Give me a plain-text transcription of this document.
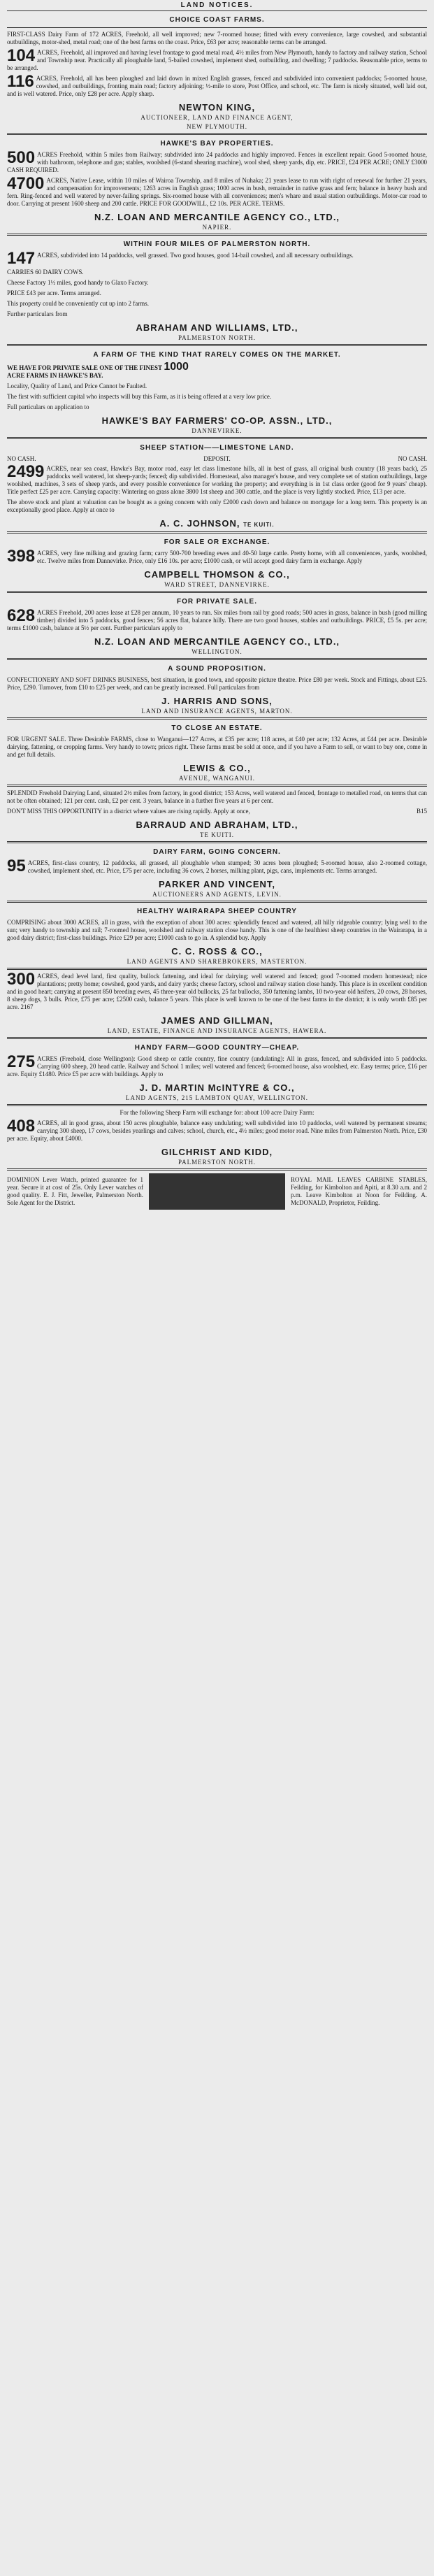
LAND NOTICES.
CHOICE COAST FARMS.
FIRST-CLASS Dairy Farm of 172 ACRES, Freehold, all well improved; new 7-roomed house; fitted with every convenience, large cowshed, and substantial outbuildings, motor-shed, metal road; one of the best farms on the coast. Price, £63 per acre; reasonable terms can be arranged.
104 ACRES, Freehold, all improved and having level frontage to good metal road, 4½ miles from New Plymouth, handy to factory and railway station, School and Township near. Practically all ploughable land, 5-bailed cowshed, implement shed, outbuilding, and dwelling; 7 paddocks. Reasonable price, terms to be arranged.
116 ACRES, Freehold, all has been ploughed and laid down in mixed English grasses, fenced and subdivided into convenient paddocks; 5-roomed house, cowshed, and outbuildings, fronting main road; factory adjoining; ½-mile to store, Post Office, and school, etc. The farm is nicely situated, well laid out, and is well watered. Price, only £28 per acre. Apply sharp.
NEWTON KING,
AUCTIONEER, LAND AND FINANCE AGENT,
NEW PLYMOUTH.
HAWKE'S BAY PROPERTIES.
500 ACRES Freehold, within 5 miles from Railway; subdivided into 24 paddocks and highly improved. Fences in excellent repair. Good 5-roomed house, with bathroom, telephone and gas; stables, woolshed (6-stand shearing machine), wool shed, sheep yards, dip, etc. PRICE, £24 PER ACRE; ONLY £3000 CASH REQUIRED.
4700 ACRES, Native Lease, within 10 miles of Wairoa Township, and 8 miles of Nuhaka; 21 years lease to run with right of renewal for further 21 years, and compensation for improvements; 1263 acres in English grass; 1000 acres in bush, remainder in native grass and fern; balance in heavy bush and fern. Ring-fenced and well watered by never-failing springs. Six-roomed house with all conveniences; men's whare and usual station outbuildings. Motor-car road to door. Carrying at present 1600 sheep and 200 cattle. PRICE FOR GOODWILL, £2 10s. PER ACRE. TERMS.
N.Z. LOAN AND MERCANTILE AGENCY CO., LTD.,
NAPIER.
WITHIN FOUR MILES OF PALMERSTON NORTH.
147 ACRES, subdivided into 14 paddocks, well grassed. Two good houses, good 14-bail cowshed, and all necessary outbuildings.
CARRIES 60 DAIRY COWS.
Cheese Factory 1½ miles, good handy to Glaxo Factory.
PRICE £43 per acre. Terms arranged.
This property could be conveniently cut up into 2 farms.
Further particulars from
ABRAHAM AND WILLIAMS, LTD.,
PALMERSTON NORTH.
A FARM OF THE KIND THAT RARELY COMES ON THE MARKET.
WE HAVE FOR PRIVATE SALE ONE OF THE FINEST 1000
ACRE FARMS IN HAWKE'S BAY.
Locality, Quality of Land, and Price Cannot be Faulted.
The first with sufficient capital who inspects will buy this Farm, as it is being offered at a very low price.
Full particulars on application to
HAWKE'S BAY FARMERS' CO-OP. ASSN., LTD.,
DANNEVIRKE.
SHEEP STATION——LIMESTONE LAND.
NO CASH.	DEPOSIT.	NO CASH.
2499 ACRES, near sea coast, Hawke's Bay, motor road, easy let class limestone hills, all in best of grass, all original bush country (18 years back), 25 paddocks well watered, lot sheep-yards; fenced; dip subdivided. Homestead, also manager's house, and very complete set of station outbuildings, large woolshed, machines, 3 sets of sheep yards, and every possible convenience for working the property; and everything is in 1st class order (good for 9 years' cheap). Title perfect £25 per acre. Carrying capacity: Wintering on grass alone 3800 1st sheep and 300 cattle, and the place is very lightly stocked. Price, £13 per acre.
The above stock and plant at valuation can be bought as a going concern with only £2000 cash down and balance on mortgage for a long term. This property is an exceptionally good place. Apply at once to
A. C. JOHNSON, TE KUITI.
FOR SALE OR EXCHANGE.
398 ACRES, very fine milking and grazing farm; carry 500-700 breeding ewes and 40-50 large cattle. Pretty home, with all conveniences, yards, woolshed, etc. Twelve miles from Dannevirke. Price, only £16 10s. per acre; £1000 cash, or will accept good dairy farm in exchange. Apply
CAMPBELL THOMSON & CO.,
WARD STREET, DANNEVIRKE.
FOR PRIVATE SALE.
628 ACRES Freehold, 200 acres lease at £28 per annum, 10 years to run. Six miles from rail by good roads; 500 acres in grass, balance in bush (good milling timber) divided into 5 paddocks, good fences; 56 acres flat, balance hilly. There are two good houses, stables and outbuildings. PRICE, £5 5s. per acre; terms £1000 cash, balance at 5½ per cent. Further particulars apply to
N.Z. LOAN AND MERCANTILE AGENCY CO., LTD.,
WELLINGTON.
A SOUND PROPOSITION.
CONFECTIONERY AND SOFT DRINKS BUSINESS, best situation, in good town, and opposite picture theatre. Price £80 per week. Stock and Fittings, about £25. Price, £290. Turnover, from £10 to £25 per week, and can be greatly increased. Full particulars from
J. HARRIS AND SONS,
LAND AND INSURANCE AGENTS, MARTON.
TO CLOSE AN ESTATE.
FOR URGENT SALE. Three Desirable FARMS, close to Wanganui—127 Acres, at £35 per acre; 118 acres, at £40 per acre; 132 Acres, at £44 per acre. Desirable dairying, fattening, or cropping farms. Very handy to town; prices right. These farms must be sold at once, and if you have a Farm to sell, or want to buy one, come in and get full details.
LEWIS & CO.,
AVENUE, WANGANUI.
SPLENDID Freehold Dairying Land, situated 2½ miles from factory, in good district; 153 Acres, well watered and fenced, frontage to metalled road, on terms that can not be often obtained; 121 per cent. cash, £2 per cent. 3 years, balance in a further five years at 6 per cent.
DON'T MISS THIS OPPORTUNITY in a district where values are rising rapidly. Apply at once,	B15
BARRAUD AND ABRAHAM, LTD.,
TE KUITI.
DAIRY FARM, GOING CONCERN.
95 ACRES, first-class country, 12 paddocks, all grassed, all ploughable when stumped; 30 acres been ploughed; 5-roomed house, also 2-roomed cottage, cowshed, implement shed, etc. Price, £75 per acre, including 36 cows, 2 horses, milking plant, pigs, cans, implements etc. Terms arranged.
PARKER AND VINCENT,
AUCTIONEERS AND AGENTS, LEVIN.
HEALTHY WAIRARAPA SHEEP COUNTRY
COMPRISING about 3000 ACRES, all in grass, with the exception of about 300 acres: splendidly fenced and watered, all hilly ridgeable country; lying well to the sun; very handy to township and rail; 7-roomed house, woolshed and railway station close handy. This is one of the healthiest sheep countries in the Wairarapa, in a good dairy district; first-class buildings. Price £29 per acre; £1000 cash to go in. A splendid buy. Apply
C. C. ROSS & CO.,
LAND AGENTS AND SHAREBROKERS, MASTERTON.
300 ACRES, dead level land, first quality, bullock fattening, and ideal for dairying; well watered and fenced; good 7-roomed modern homestead; nice plantations; pretty home; cowshed, good yards, and dairy yards; cheese factory, school and railway station close handy. This place is in excellent condition and in good heart; carrying at present 850 breeding ewes, 45 three-year old bullocks, 25 fat bullocks, 350 fattening lambs, 10 two-year old heifers, 20 cows, 28 horses, 8 sheep dogs, 3 bulls. Price, £75 per acre; £2500 cash, balance 5 years. This place is well known to be one of the best farms in the district; it is only worth £85 per acre. 2167
JAMES AND GILLMAN,
LAND, ESTATE, FINANCE AND INSURANCE AGENTS, HAWERA.
HANDY FARM—GOOD COUNTRY—CHEAP.
275 ACRES (Freehold, close Wellington): Good sheep or cattle country, fine country (undulating): All in grass, fenced, and subdivided into 5 paddocks. Carrying 600 sheep, 20 head cattle. Railway and School 1 miles; well watered and fenced; 6-roomed house, also woolshed, etc. Easy terms; price, £16 per acre. Equity £1480. Price £5 per acre with buildings. Apply to
J. D. MARTIN McINTYRE & CO.,
LAND AGENTS, 215 LAMBTON QUAY, WELLINGTON.
For the following Sheep Farm will exchange for: about 100 acre Dairy Farm:
408 ACRES, all in good grass, about 150 acres ploughable, balance easy undulating; well subdivided into 10 paddocks, well watered by permanent streams; carrying 300 sheep, 17 cows, besides yearlings and calves; school, church, etc., 4½ miles; good motor road. Nine miles from Palmerston North. Price, £30 per acre. Equity, about £4000.
GILCHRIST AND KIDD,
PALMERSTON NORTH.
DOMINION Lever Watch, printed guarantee for 1 year. Secure it at cost of 25s. Only Lever watches of good quality. E. J. Fitt, Jeweller, Palmerston North. Sole Agent for the District.
ROYAL MAIL LEAVES CARBINE STABLES, Feilding, for Kimbolton and Apiti, at 8.30 a.m. and 2 p.m. Leave Kimbolton at Noon for Feilding. A. McDONALD, Proprietor, Feilding.
